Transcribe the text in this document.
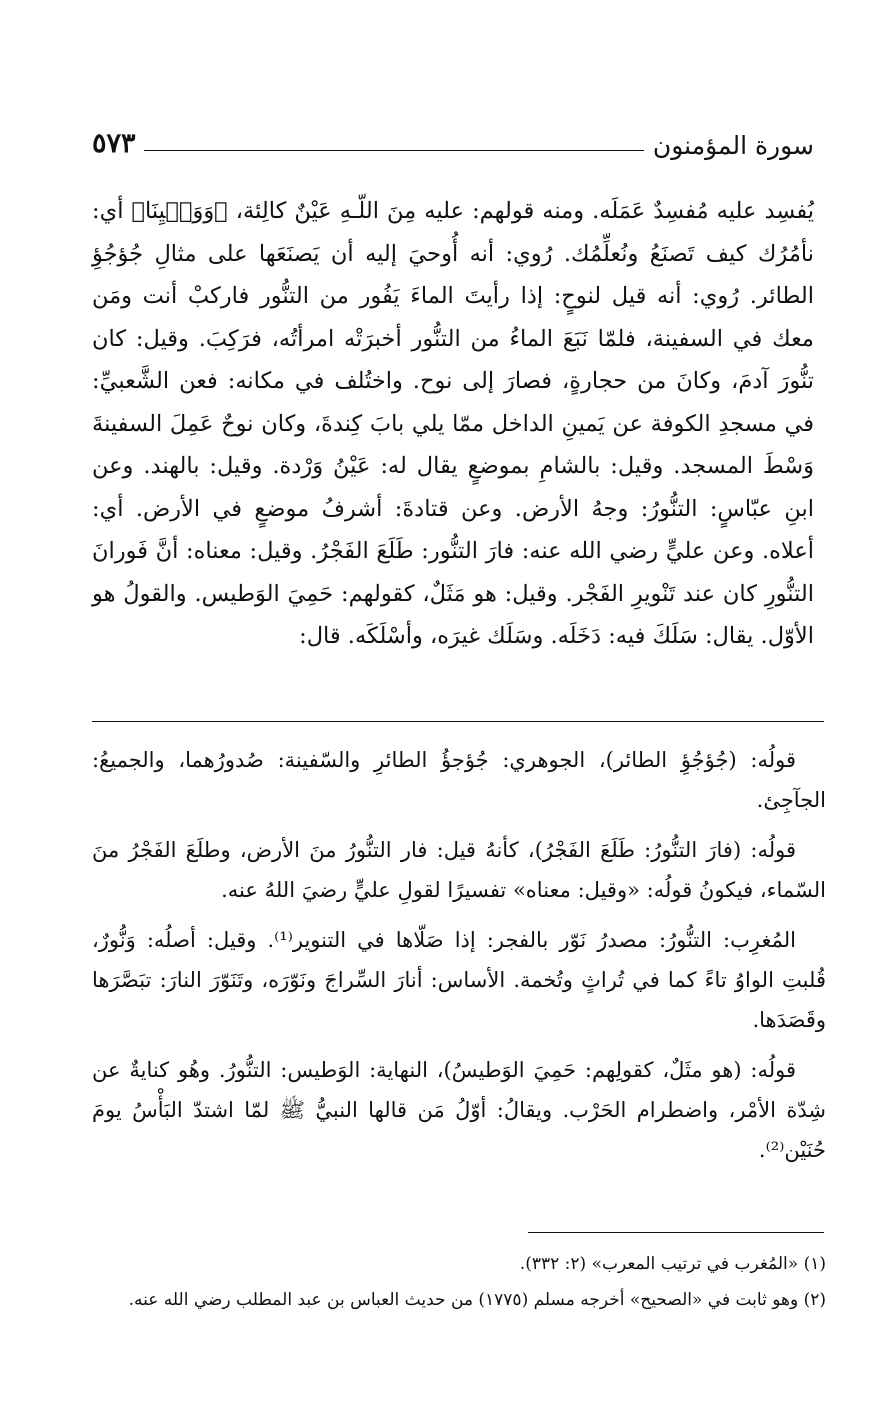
سورة المؤمنون
٥٧٣

يُفسِد عليه مُفسِدٌ عَمَلَه. ومنه قولهم: عليه مِنَ اللّـهِ عَيْنٌ كالِئة، ﴿وَوَحۡيِنَا﴾ أي: نأمُرُك كيف تَصنَعُ ونُعلِّمُك. رُوي: أنه أُوحيَ إليه أن يَصنَعَها على مثالِ جُؤجُؤِ الطائر. رُوي: أنه قيل لنوحٍ: إذا رأيتَ الماءَ يَفُور من التنُّور فاركبْ أنت ومَن معك في السفينة، فلمّا نَبَعَ الماءُ من التنُّور أخبرَتْه امرأتُه، فرَكِبَ. وقيل: كان تنُّورَ آدمَ، وكانَ من حجارةٍ، فصارَ إلى نوح. واختُلف في مكانه: فعن الشَّعبيِّ: في مسجدِ الكوفة عن يَمينِ الداخل ممّا يلي بابَ كِندةَ، وكان نوحٌ عَمِلَ السفينةَ وَسْطَ المسجد. وقيل: بالشامِ بموضعٍ يقال له: عَيْنُ وَرْدة. وقيل: بالهند. وعن ابنِ عبّاسٍ: التنُّورُ: وجهُ الأرض. وعن قتادةَ: أشرفُ موضعٍ في الأرض. أي: أعلاه. وعن عليٍّ رضي الله عنه: فارَ التنُّور: طَلَعَ الفَجْرُ. وقيل: معناه: أنَّ فَورانَ التنُّورِ كان عند تَنْويرِ الفَجْر. وقيل: هو مَثَلٌ، كقولهم: حَمِيَ الوَطيس. والقولُ هو الأوّل. يقال: سَلَكَ فيه: دَخَلَه. وسَلَك غيرَه، وأسْلَكَه. قال:

قولُه: (جُؤجُؤِ الطائر)، الجوهري: جُؤجؤُ الطائرِ والسّفينة: صُدورُهما، والجميعُ: الجآجِئ.

قولُه: (فارَ التنُّورُ: طَلَعَ الفَجْرُ)، كأنهُ قيل: فار التنُّورُ منَ الأرض، وطلَعَ الفَجْرُ منَ السّماء، فيكونُ قولُه: «وقيل: معناه» تفسيرًا لقولِ عليٍّ رضيَ اللهُ عنه.

المُغرِب: التنُّورُ: مصدرُ نَوّر بالفجر: إذا صَلّاها في التنوير⁽¹⁾. وقيل: أصلُه: وَنُّورٌ، قُلبتِ الواوُ تاءً كما في تُراثٍ وتُخمة. الأساس: أنارَ السِّراجَ ونَوّرَه، وتَنَوّرَ النارَ: تبَصَّرَها وقَصَدَها.

قولُه: (هو مثَلٌ، كقولِهم: حَمِيَ الوَطيسُ)، النهاية: الوَطيس: التنُّورُ. وهُو كنايةٌ عن شِدّة الأمْر، واضطرام الحَرْب. ويقالُ: أوّلُ مَن قالها النبيُّ ﷺ لمّا اشتدّ البَأْسُ يومَ حُنَيْن⁽²⁾.

(١) «المُغرب في ترتيب المعرب» (٢: ٣٣٢).

(٢) وهو ثابت في «الصحيح» أخرجه مسلم (١٧٧٥) من حديث العباس بن عبد المطلب رضي الله عنه.
